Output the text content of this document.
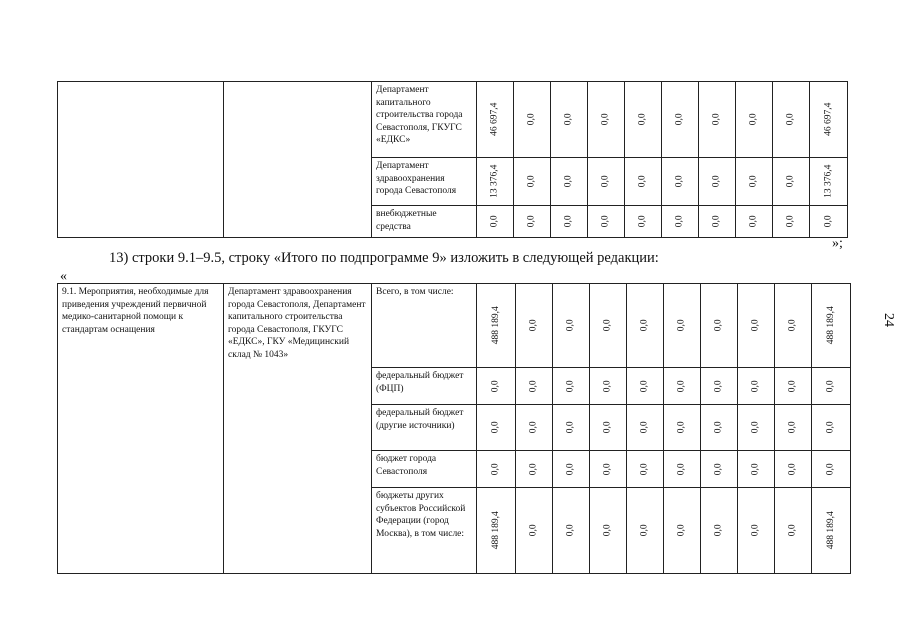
		Департамент капитального строительства города Севастополя, ГКУГС «ЕДКС»	46 697,4	0,0	0,0	0,0	0,0	0,0	0,0	0,0	0,0	46 697,4
		Департамент здравоохранения города Севастополя	13 376,4	0,0	0,0	0,0	0,0	0,0	0,0	0,0	0,0	13 376,4
		внебюджетные средства	0,0	0,0	0,0	0,0	0,0	0,0	0,0	0,0	0,0	0,0
»;
13) строки 9.1–9.5, строку «Итого по подпрограмме 9» изложить в следующей редакции:
«
9.1. Мероприятия, необходимые для приведения учреждений первичной медико-санитарной помощи к стандартам оснащения	Департамент здравоохранения города Севастополя, Департамент капитального строительства города Севастополя, ГКУГС «ЕДКС», ГКУ «Медицинский склад № 1043»	Всего, в том числе:	488 189,4	0,0	0,0	0,0	0,0	0,0	0,0	0,0	0,0	488 189,4
		федеральный бюджет (ФЦП)	0,0	0,0	0,0	0,0	0,0	0,0	0,0	0,0	0,0	0,0
		федеральный бюджет (другие источники)	0,0	0,0	0,0	0,0	0,0	0,0	0,0	0,0	0,0	0,0
		бюджет города Севастополя	0,0	0,0	0,0	0,0	0,0	0,0	0,0	0,0	0,0	0,0
		бюджеты других субъектов Российской Федерации (город Москва), в том числе:	488 189,4	0,0	0,0	0,0	0,0	0,0	0,0	0,0	0,0	488 189,4
24
